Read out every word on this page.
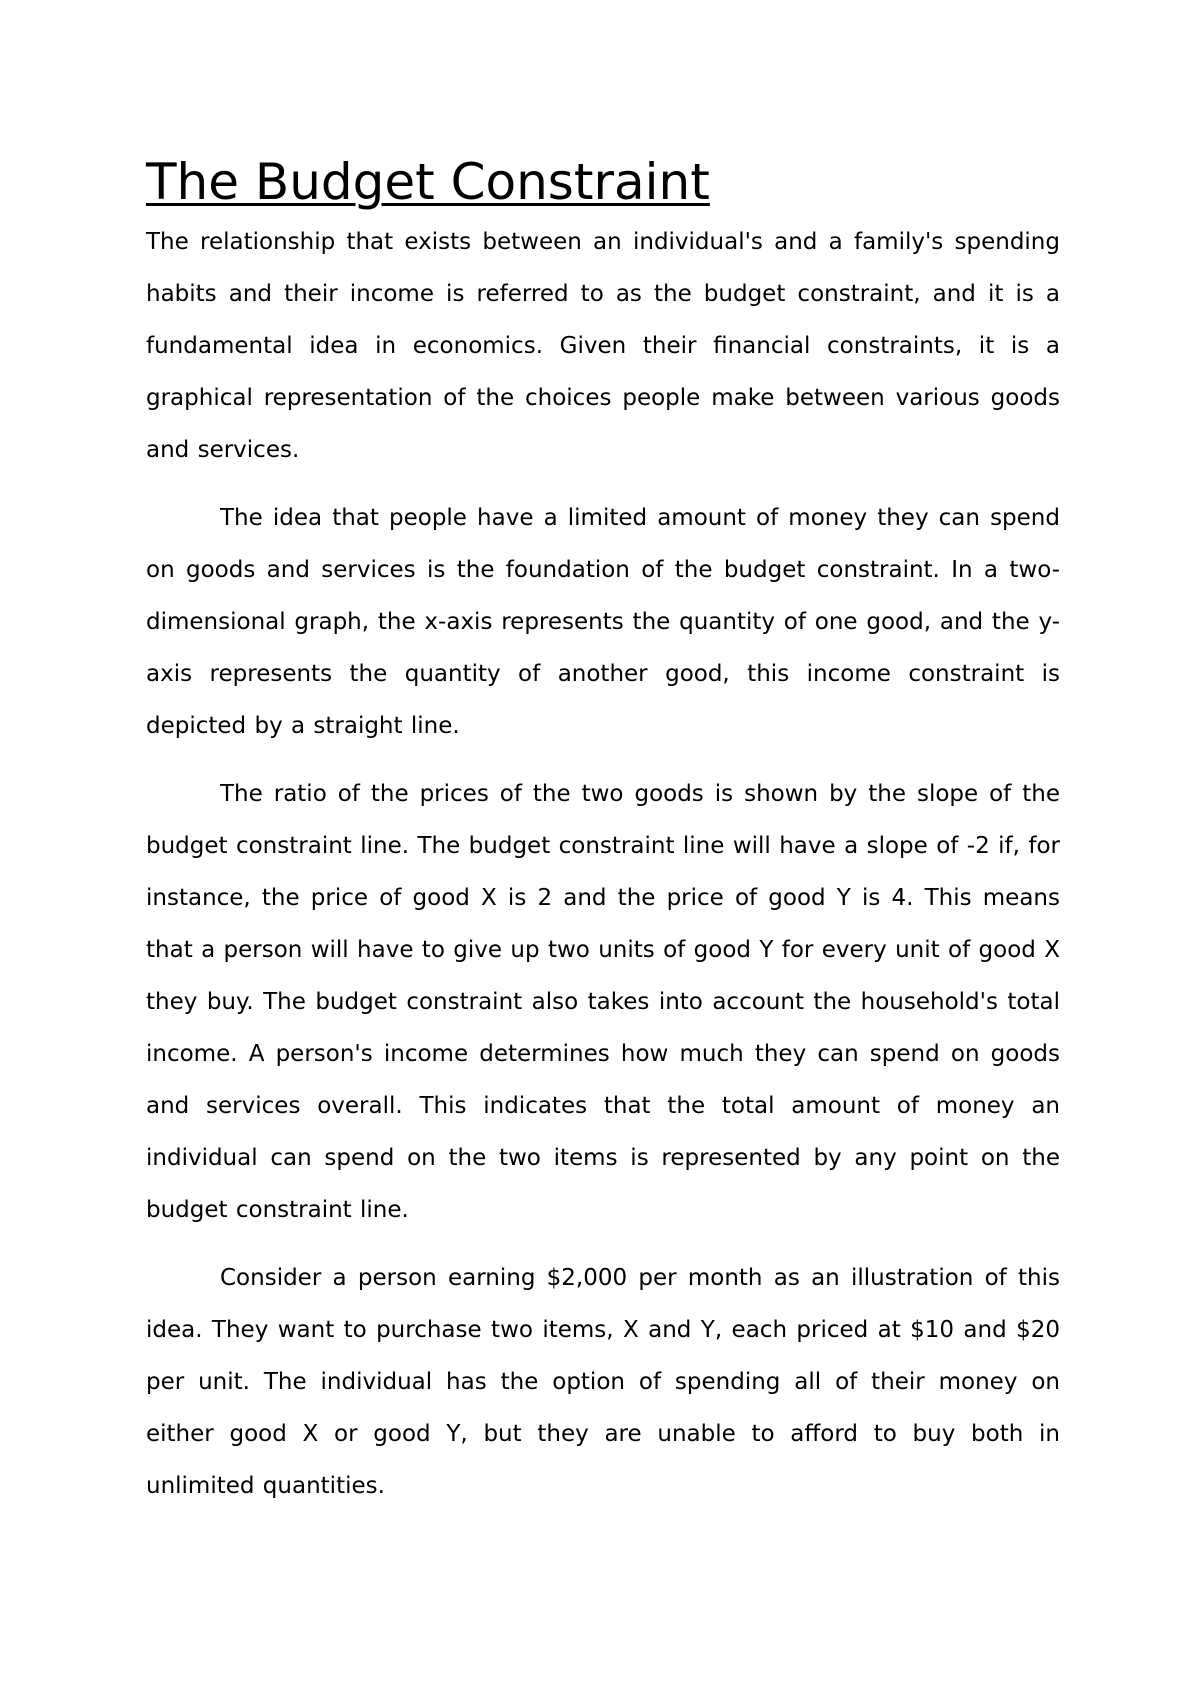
The Budget Constraint

The relationship that exists between an individual's and a family's spending habits and their income is referred to as the budget constraint, and it is a fundamental idea in economics. Given their financial constraints, it is a graphical representation of the choices people make between various goods and services.

The idea that people have a limited amount of money they can spend on goods and services is the foundation of the budget constraint. In a two-dimensional graph, the x-axis represents the quantity of one good, and the y-axis represents the quantity of another good, this income constraint is depicted by a straight line.

The ratio of the prices of the two goods is shown by the slope of the budget constraint line. The budget constraint line will have a slope of -2 if, for instance, the price of good X is 2 and the price of good Y is 4. This means that a person will have to give up two units of good Y for every unit of good X they buy. The budget constraint also takes into account the household's total income. A person's income determines how much they can spend on goods and services overall. This indicates that the total amount of money an individual can spend on the two items is represented by any point on the budget constraint line.

Consider a person earning $2,000 per month as an illustration of this idea. They want to purchase two items, X and Y, each priced at $10 and $20 per unit. The individual has the option of spending all of their money on either good X or good Y, but they are unable to afford to buy both in unlimited quantities.
